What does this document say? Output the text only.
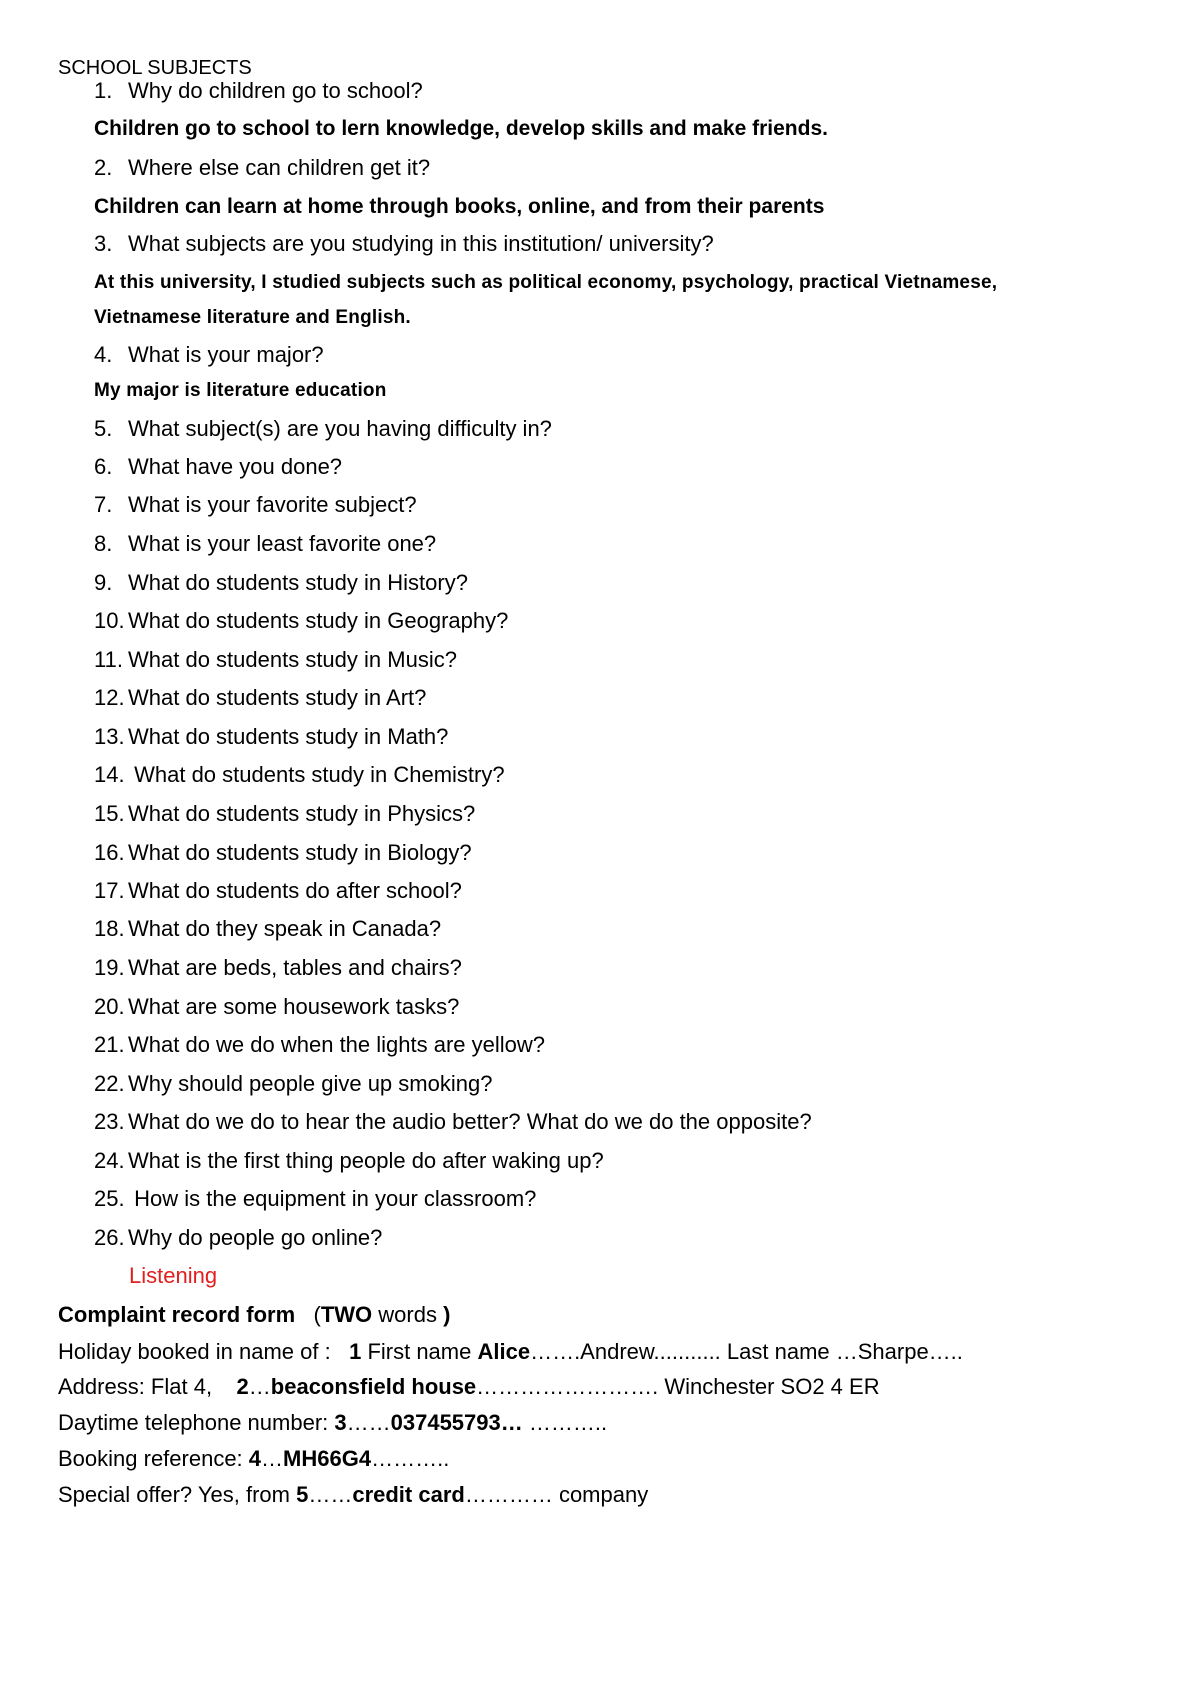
SCHOOL SUBJECTS
1. Why do children go to school?
Children go to school to lern knowledge, develop skills and make friends.
2. Where else can children get it?
Children can learn at home through books, online, and from their parents
3. What subjects are you studying in this institution/ university?
At this university, I studied subjects such as political economy, psychology, practical Vietnamese,
Vietnamese literature and English.
4. What is your major?
My major is literature education
5. What subject(s) are you having difficulty in?
6. What have you done?
7. What is your favorite subject?
8. What is your least favorite one?
9. What do students study in History?
10. What do students study in Geography?
11. What do students study in Music?
12. What do students study in Art?
13. What do students study in Math?
14. What do students study in Chemistry?
15. What do students study in Physics?
16. What do students study in Biology?
17. What do students do after school?
18. What do they speak in Canada?
19. What are beds, tables and chairs?
20. What are some housework tasks?
21. What do we do when the lights are yellow?
22. Why should people give up smoking?
23. What do we do to hear the audio better? What do we do the opposite?
24. What is the first thing people do after waking up?
25. How is the equipment in your classroom?
26. Why do people go online?
Listening
Complaint record form (TWO words )
Holiday booked in name of : 1 First name Alice…….Andrew........... Last name …Sharpe…..
Address: Flat 4, 2…beaconsfield house……………………. Winchester SO2 4 ER
Daytime telephone number: 3……037455793… ………..
Booking reference: 4…MH66G4………..
Special offer? Yes, from 5……credit card………… company
